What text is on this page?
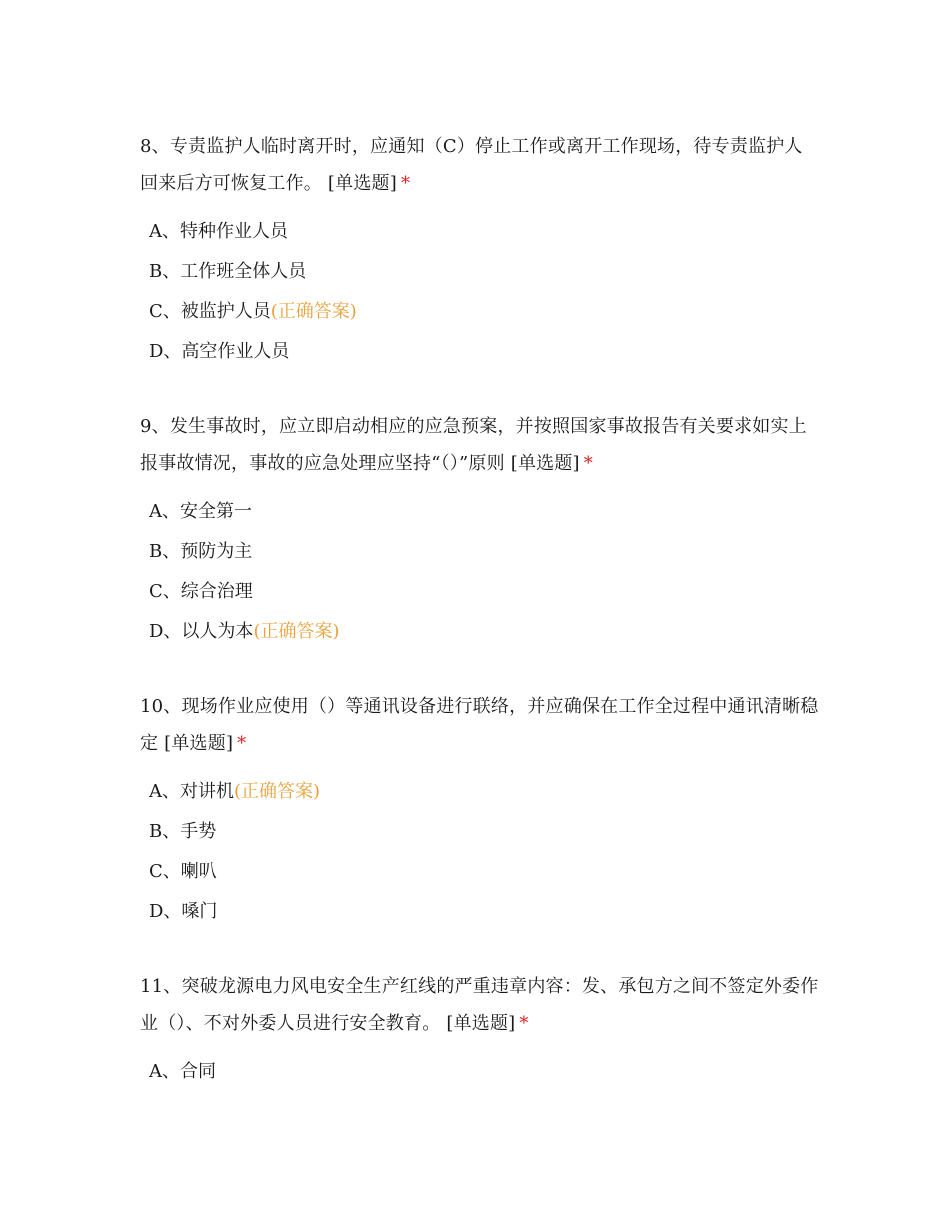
8、专责监护人临时离开时，应通知（C）停止工作或离开工作现场，待专责监护人回来后方可恢复工作。 [单选题] *

A、特种作业人员
B、工作班全体人员
C、被监护人员(正确答案)
D、高空作业人员

9、发生事故时，应立即启动相应的应急预案，并按照国家事故报告有关要求如实上报事故情况，事故的应急处理应坚持“（）”原则 [单选题] *

A、安全第一
B、预防为主
C、综合治理
D、以人为本(正确答案)

10、现场作业应使用（）等通讯设备进行联络，并应确保在工作全过程中通讯清晰稳定 [单选题] *

A、对讲机(正确答案)
B、手势
C、喇叭
D、嗓门

11、突破龙源电力风电安全生产红线的严重违章内容：发、承包方之间不签定外委作业（）、不对外委人员进行安全教育。 [单选题] *

A、合同
